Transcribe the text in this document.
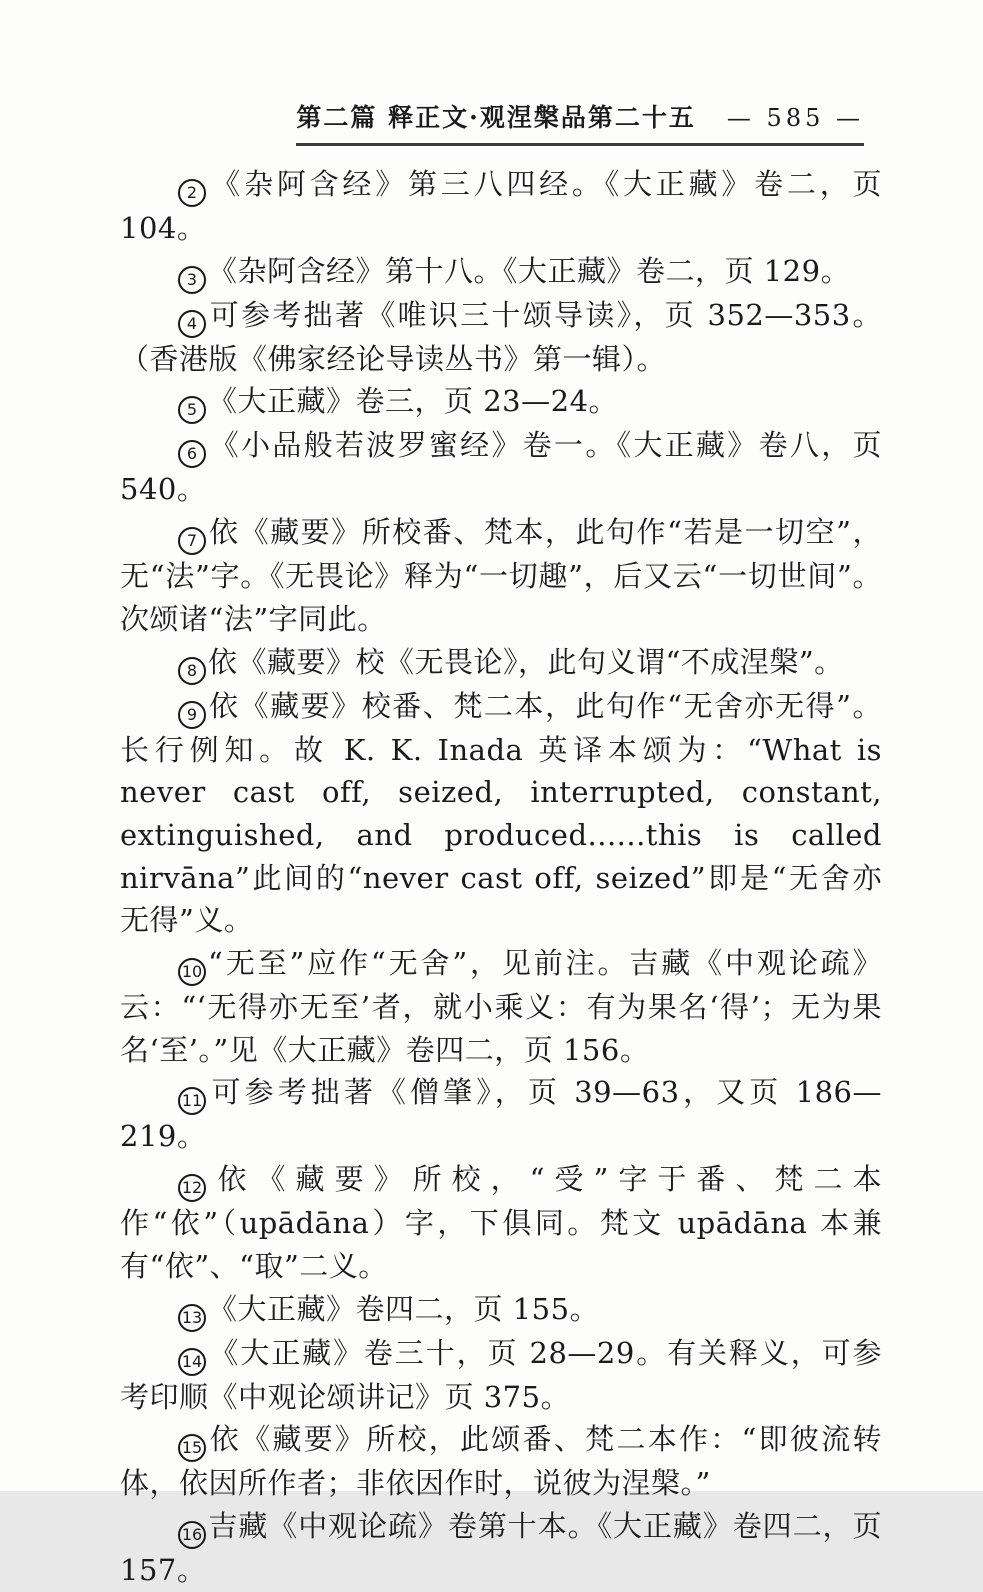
第二篇 释正文·观涅槃品第二十五 — 585 —

2 《杂阿含经》第三八四经。《大正藏》卷二，页 104。

3 《杂阿含经》第十八。《大正藏》卷二，页 129。

4 可参考拙著《唯识三十颂导读》，页 352—353。（香港版《佛家经论导读丛书》第一辑）。

5 《大正藏》卷三，页 23—24。

6 《小品般若波罗蜜经》卷一。《大正藏》卷八，页 540。

7 依《藏要》所校番、梵本，此句作“若是一切空”，无“法”字。《无畏论》释为“一切趣”，后又云“一切世间”。次颂诸“法”字同此。

8 依《藏要》校《无畏论》，此句义谓“不成涅槃”。

9 依《藏要》校番、梵二本，此句作“无舍亦无得”。长行例知。故 K. K. Inada 英译本颂为：“What is never cast off, seized, interrupted, constant, extinguished, and produced......this is called nirvāna”此间的“never cast off, seized”即是“无舍亦无得”义。

10 “无至”应作“无舍”，见前注。吉藏《中观论疏》云：“‘无得亦无至’者，就小乘义：有为果名‘得’；无为果名‘至’。”见《大正藏》卷四二，页 156。

11 可参考拙著《僧肇》，页 39—63，又页 186—219。

12 依《藏要》所校，“受”字于番、梵二本作“依”（upādāna）字，下俱同。梵文 upādāna 本兼有“依”、“取”二义。

13 《大正藏》卷四二，页 155。

14 《大正藏》卷三十，页 28—29。有关释义，可参考印顺《中观论颂讲记》页 375。

15 依《藏要》所校，此颂番、梵二本作：“即彼流转体，依因所作者；非依因作时，说彼为涅槃。”

16 吉藏《中观论疏》卷第十本。《大正藏》卷四二，页 157。
